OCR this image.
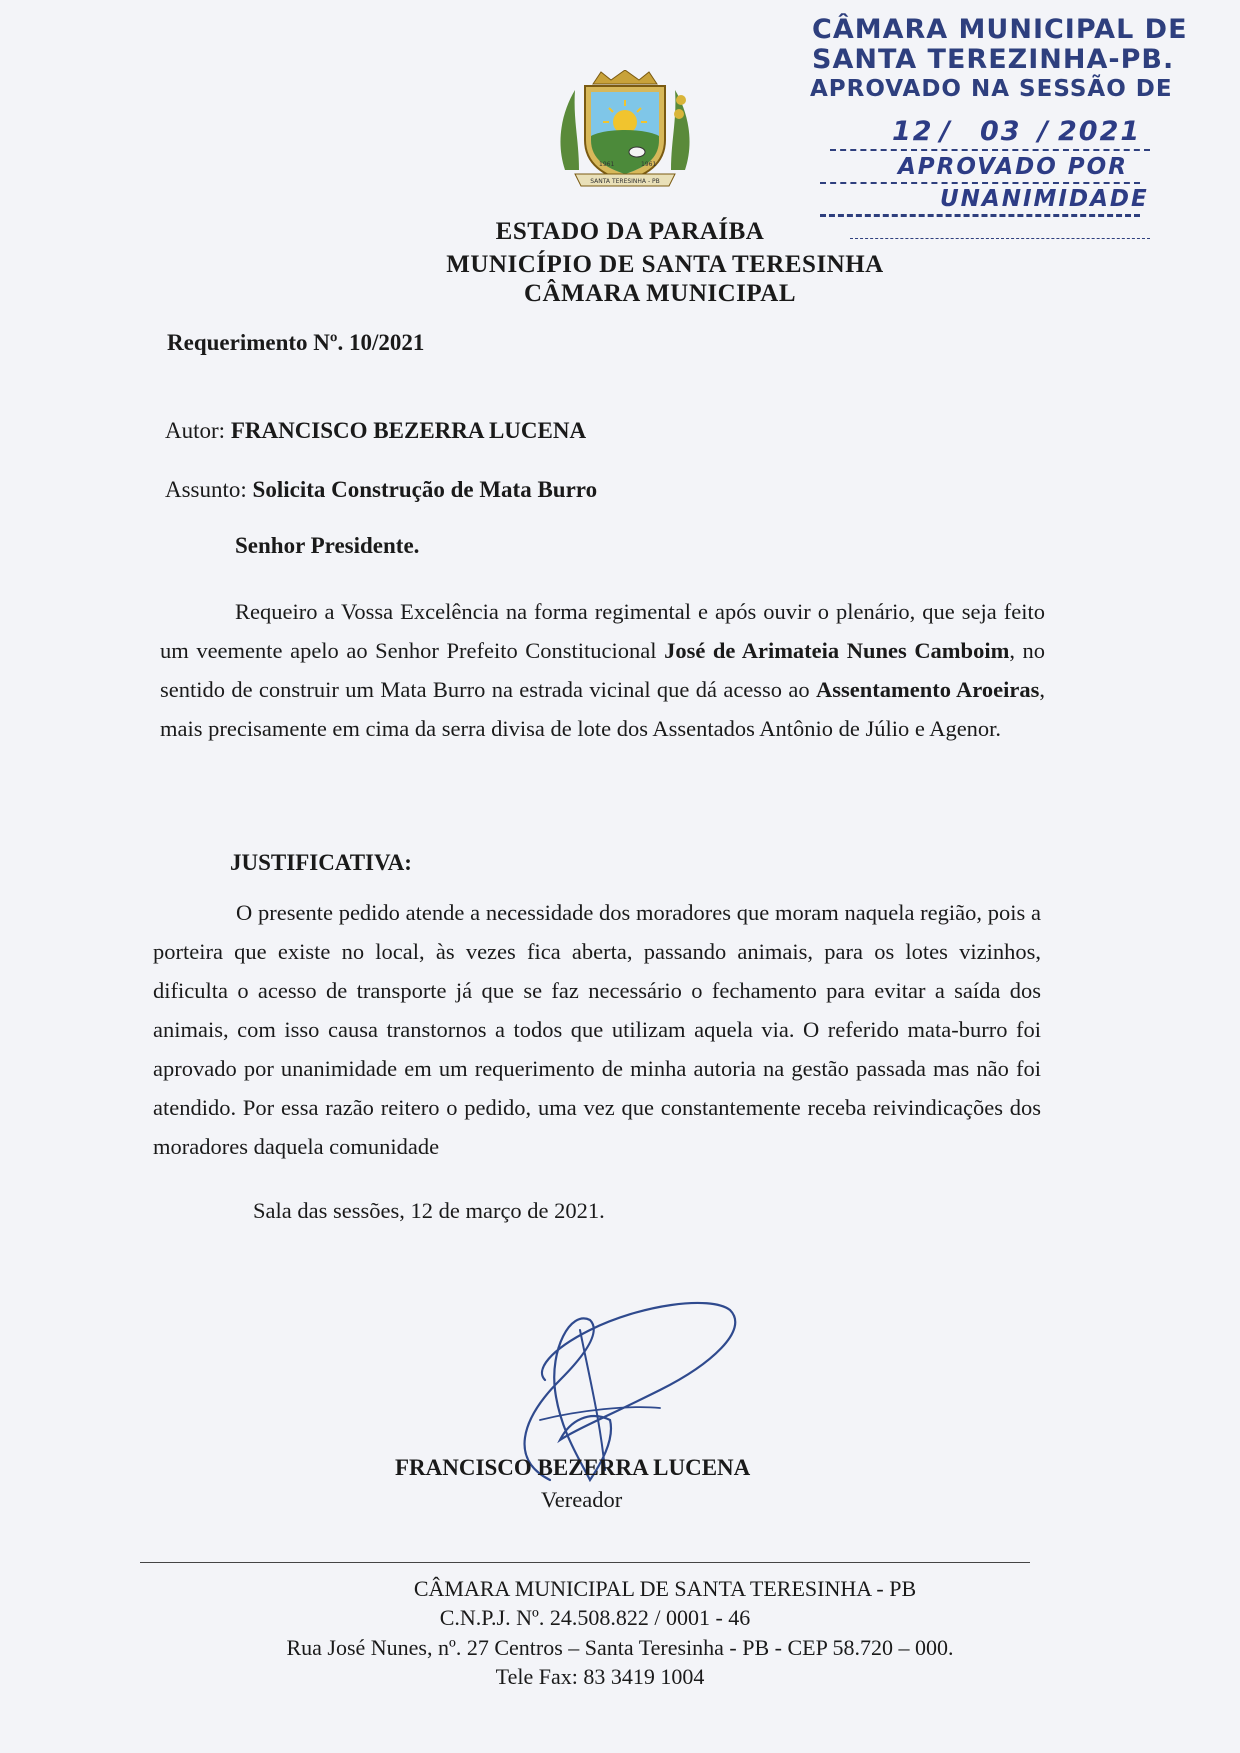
CÂMARA MUNICIPAL DE
SANTA TEREZINHA-PB.
APROVADO NA SESSÃO DE
12 / 03 / 2021
APROVADO POR
UNANIMIDADE
1961	1961
SANTA TERESINHA - PB
ESTADO DA PARAÍBA
MUNICÍPIO DE SANTA TERESINHA
CÂMARA MUNICIPAL
Requerimento Nº. 10/2021
Autor: FRANCISCO BEZERRA LUCENA
Assunto: Solicita Construção de Mata Burro
Senhor Presidente.
Requeiro a Vossa Excelência na forma regimental e após ouvir o plenário, que seja feito um veemente apelo ao Senhor Prefeito Constitucional José de Arimateia Nunes Camboim, no sentido de construir um Mata Burro na estrada vicinal que dá acesso ao Assentamento Aroeiras, mais precisamente em cima da serra divisa de lote dos Assentados Antônio de Júlio e Agenor.
JUSTIFICATIVA:
O presente pedido atende a necessidade dos moradores que moram naquela região, pois a porteira que existe no local, às vezes fica aberta, passando animais, para os lotes vizinhos, dificulta o acesso de transporte já que se faz necessário o fechamento para evitar a saída dos animais, com isso causa transtornos a todos que utilizam aquela via. O referido mata-burro foi aprovado por unanimidade em um requerimento de minha autoria na gestão passada mas não foi atendido. Por essa razão reitero o pedido, uma vez que constantemente receba reivindicações dos moradores daquela comunidade
Sala das sessões, 12 de março de 2021.
FRANCISCO BEZERRA LUCENA
Vereador
CÂMARA MUNICIPAL DE SANTA TERESINHA - PB
C.N.P.J. Nº. 24.508.822 / 0001 - 46
Rua José Nunes, nº. 27 Centros – Santa Teresinha - PB - CEP 58.720 – 000.
Tele Fax: 83 3419 1004
